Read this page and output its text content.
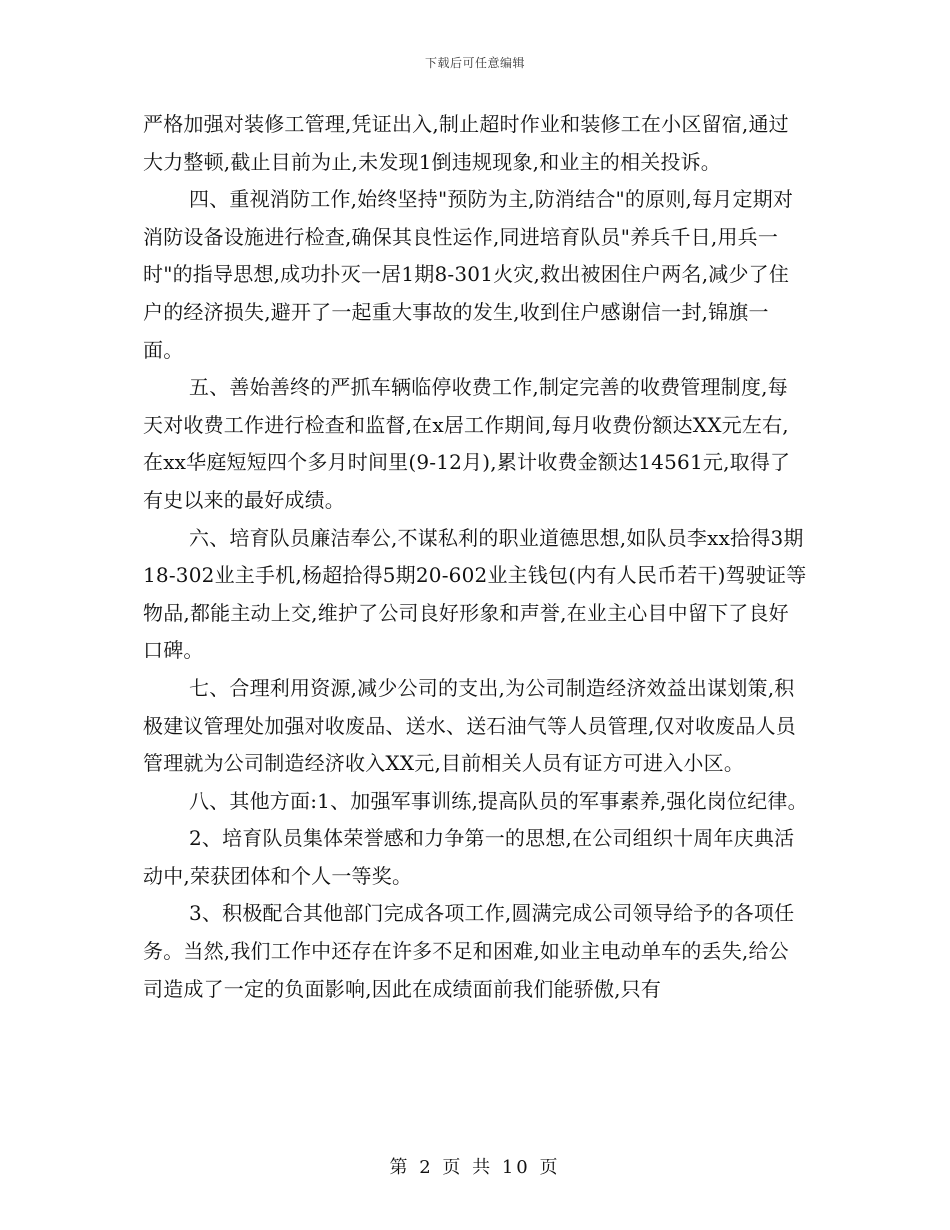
下载后可任意编辑

严格加强对装修工管理,凭证出入,制止超时作业和装修工在小区留宿,通过大力整顿,截止目前为止,未发现1倒违规现象,和业主的相关投诉。

四、重视消防工作,始终坚持"预防为主,防消结合"的原则,每月定期对消防设备设施进行检查,确保其良性运作,同进培育队员"养兵千日,用兵一时"的指导思想,成功扑灭一居1期8-301火灾,救出被困住户两名,减少了住户的经济损失,避开了一起重大事故的发生,收到住户感谢信一封,锦旗一面。

五、善始善终的严抓车辆临停收费工作,制定完善的收费管理制度,每天对收费工作进行检查和监督,在x居工作期间,每月收费份额达XX元左右,在xx华庭短短四个多月时间里(9-12月),累计收费金额达14561元,取得了有史以来的最好成绩。

六、培育队员廉洁奉公,不谋私利的职业道德思想,如队员李xx拾得3期18-302业主手机,杨超拾得5期20-602业主钱包(内有人民币若干)驾驶证等物品,都能主动上交,维护了公司良好形象和声誉,在业主心目中留下了良好口碑。

七、合理利用资源,减少公司的支出,为公司制造经济效益出谋划策,积极建议管理处加强对收废品、送水、送石油气等人员管理,仅对收废品人员管理就为公司制造经济收入XX元,目前相关人员有证方可进入小区。

八、其他方面:1、加强军事训练,提高队员的军事素养,强化岗位纪律。

2、培育队员集体荣誉感和力争第一的思想,在公司组织十周年庆典活动中,荣获团体和个人一等奖。

3、积极配合其他部门完成各项工作,圆满完成公司领导给予的各项任务。当然,我们工作中还存在许多不足和困难,如业主电动单车的丢失,给公司造成了一定的负面影响,因此在成绩面前我们能骄傲,只有

第 2 页 共 10 页
